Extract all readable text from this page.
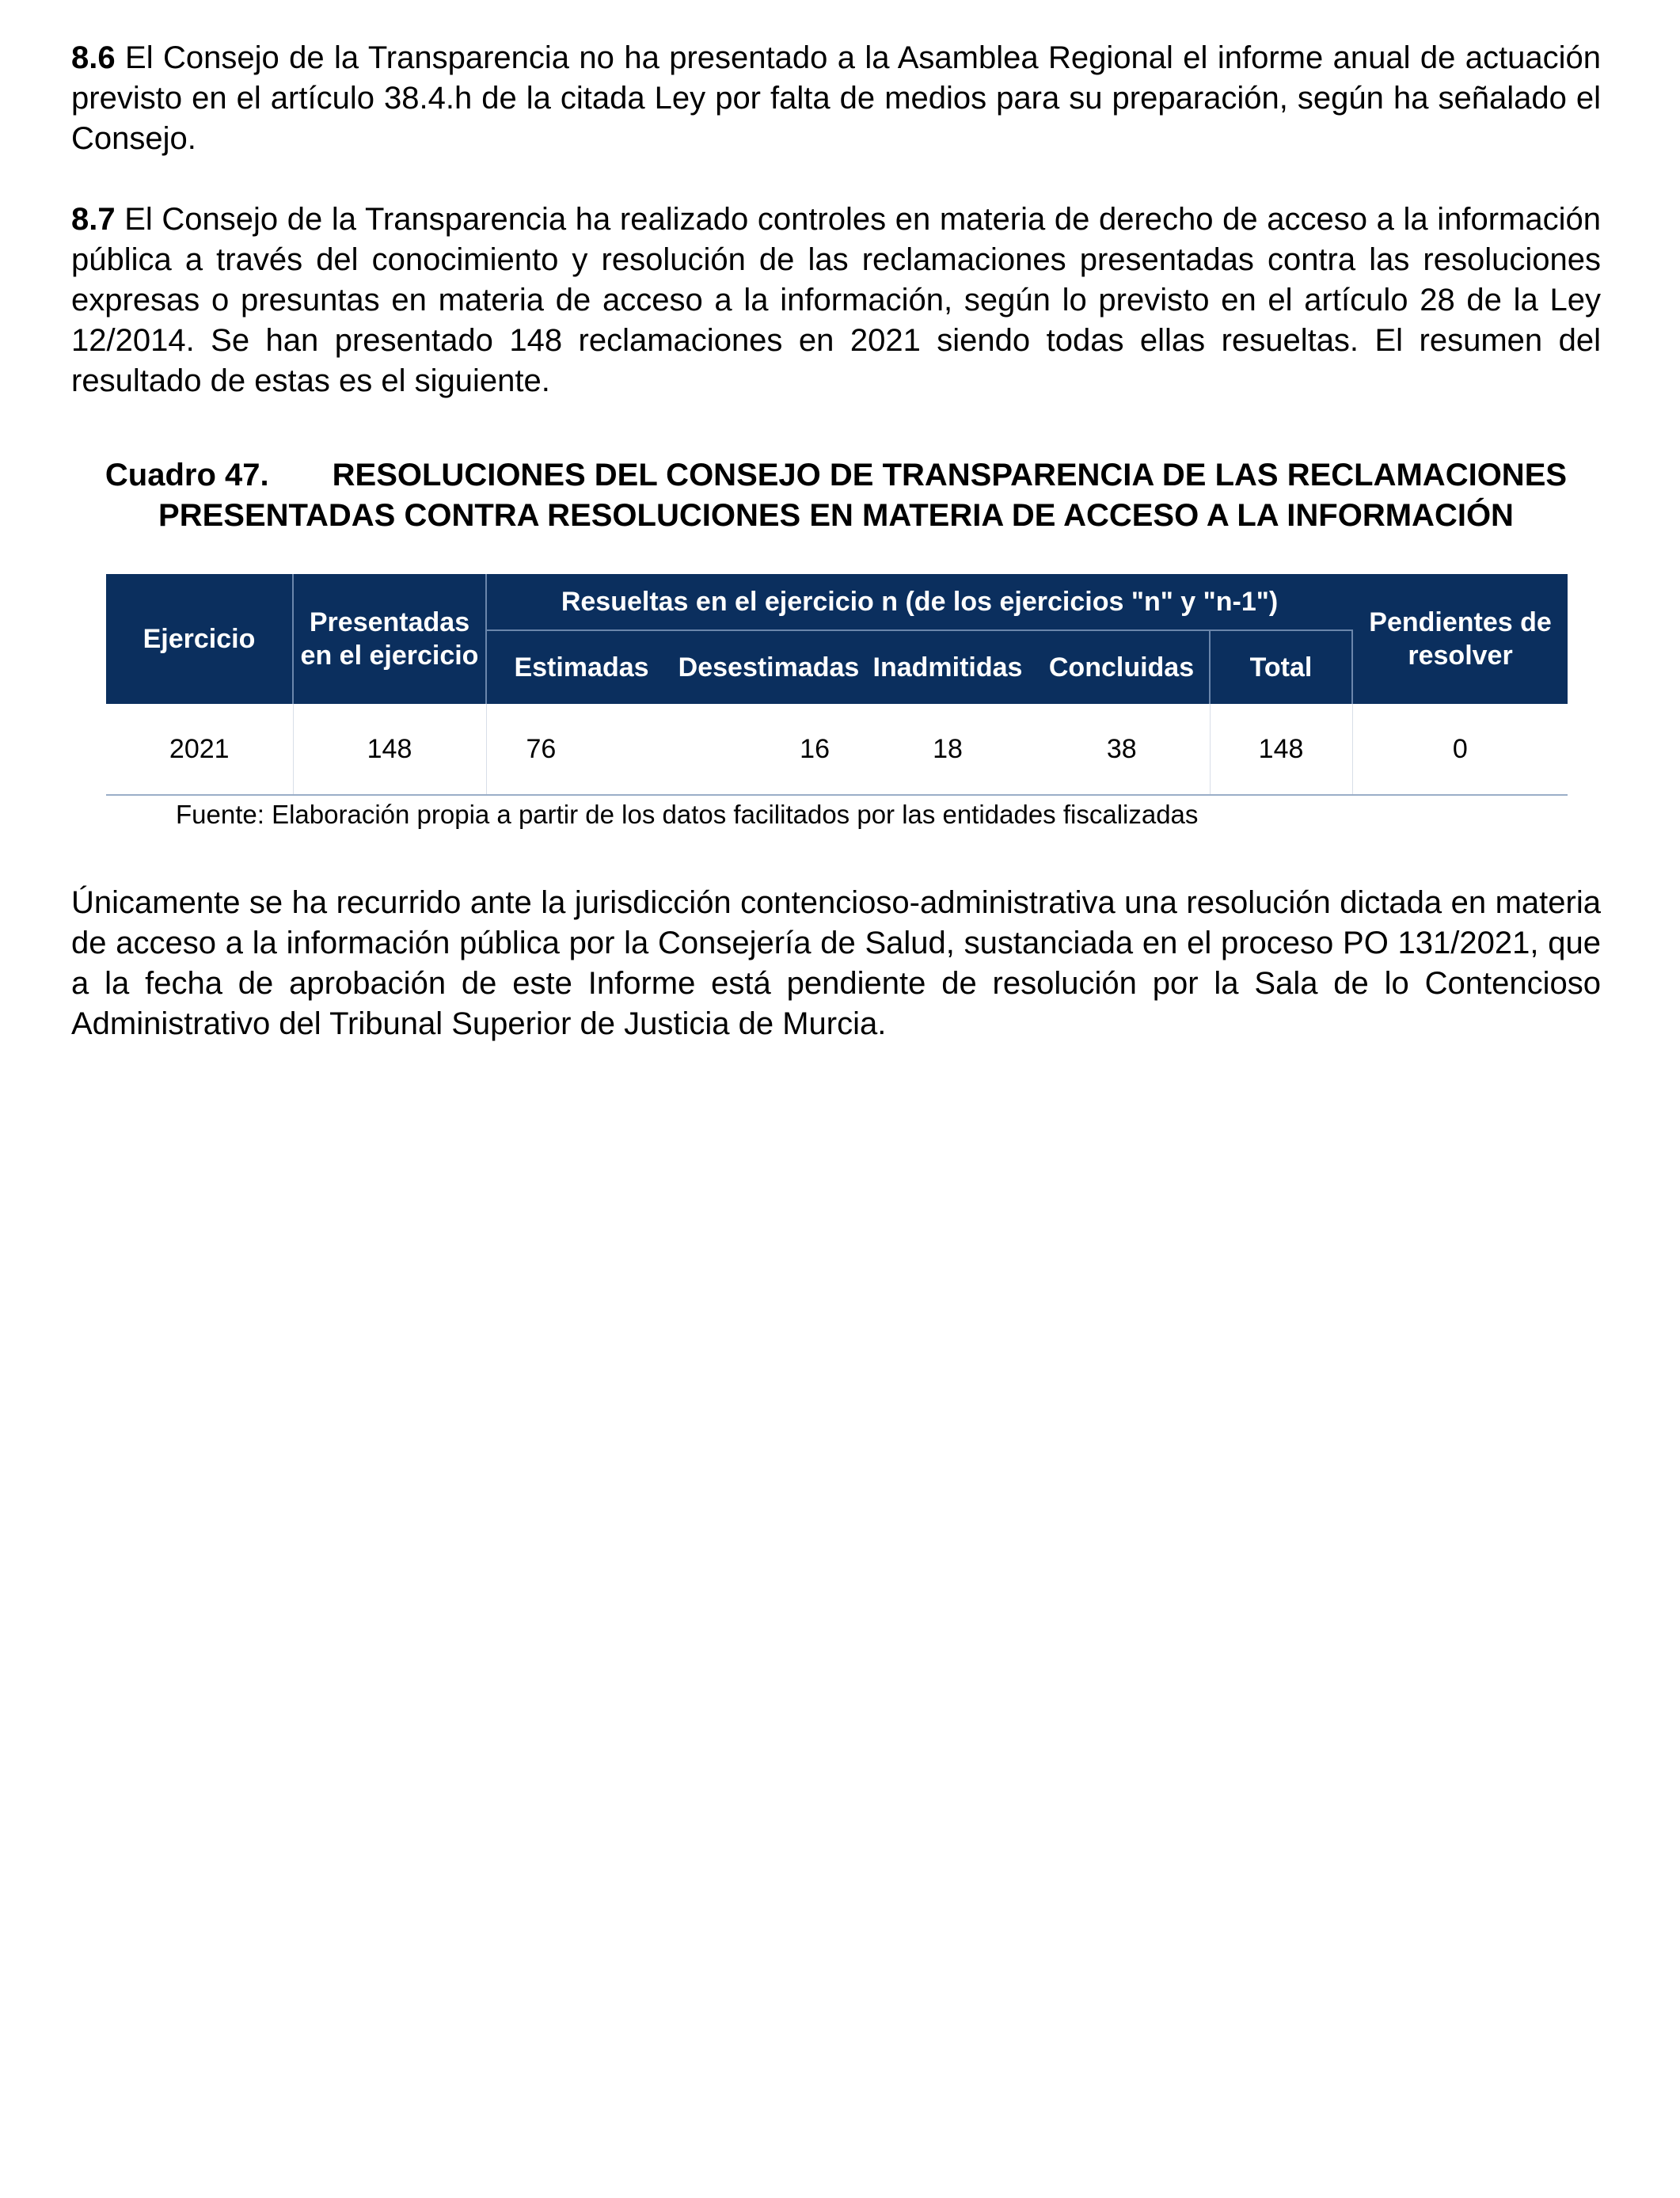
8.6 El Consejo de la Transparencia no ha presentado a la Asamblea Regional el informe anual de actuación previsto en el artículo 38.4.h de la citada Ley por falta de medios para su preparación, según ha señalado el Consejo.

8.7 El Consejo de la Transparencia ha realizado controles en materia de derecho de acceso a la información pública a través del conocimiento y resolución de las reclamaciones presentadas contra las resoluciones expresas o presuntas en materia de acceso a la información, según lo previsto en el artículo 28 de la Ley 12/2014. Se han presentado 148 reclamaciones en 2021 siendo todas ellas resueltas. El resumen del resultado de estas es el siguiente.

Cuadro 47. RESOLUCIONES DEL CONSEJO DE TRANSPARENCIA DE LAS RECLAMACIONES PRESENTADAS CONTRA RESOLUCIONES EN MATERIA DE ACCESO A LA INFORMACIÓN
Ejercicio	Presentadas en el ejercicio	Resueltas en el ejercicio n (de los ejercicios "n" y "n-1")					Pendientes de resolver
		Estimadas	Desestimadas	Inadmitidas	Concluidas	Total	
2021	148	76	16	18	38	148	0
Fuente: Elaboración propia a partir de los datos facilitados por las entidades fiscalizadas

Únicamente se ha recurrido ante la jurisdicción contencioso-administrativa una resolución dictada en materia de acceso a la información pública por la Consejería de Salud, sustanciada en el proceso PO 131/2021, que a la fecha de aprobación de este Informe está pendiente de resolución por la Sala de lo Contencioso Administrativo del Tribunal Superior de Justicia de Murcia.
